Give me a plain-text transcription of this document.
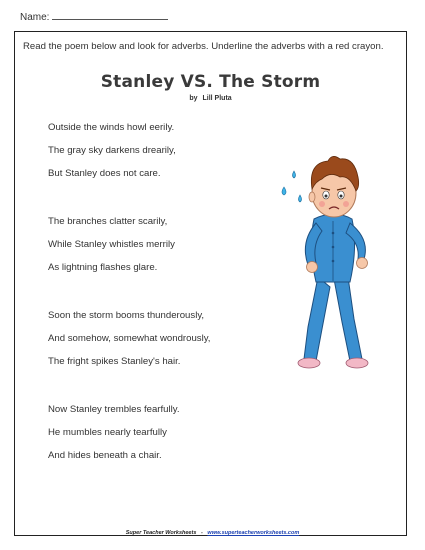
Name:
Read the poem below and look for adverbs. Underline the adverbs with a red crayon.
Stanley VS. The Storm
by Lill Pluta
Outside the winds howl eerily.
The gray sky darkens drearily,
But Stanley does not care.
The branches clatter scarily,
While Stanley whistles merrily
As lightning flashes glare.
Soon the storm booms thunderously,
And somehow, somewhat wondrously,
The fright spikes Stanley's hair.
Now Stanley trembles fearfully.
He mumbles nearly tearfully
And hides beneath a chair.
Super Teacher Worksheets - www.superteacherworksheets.com
